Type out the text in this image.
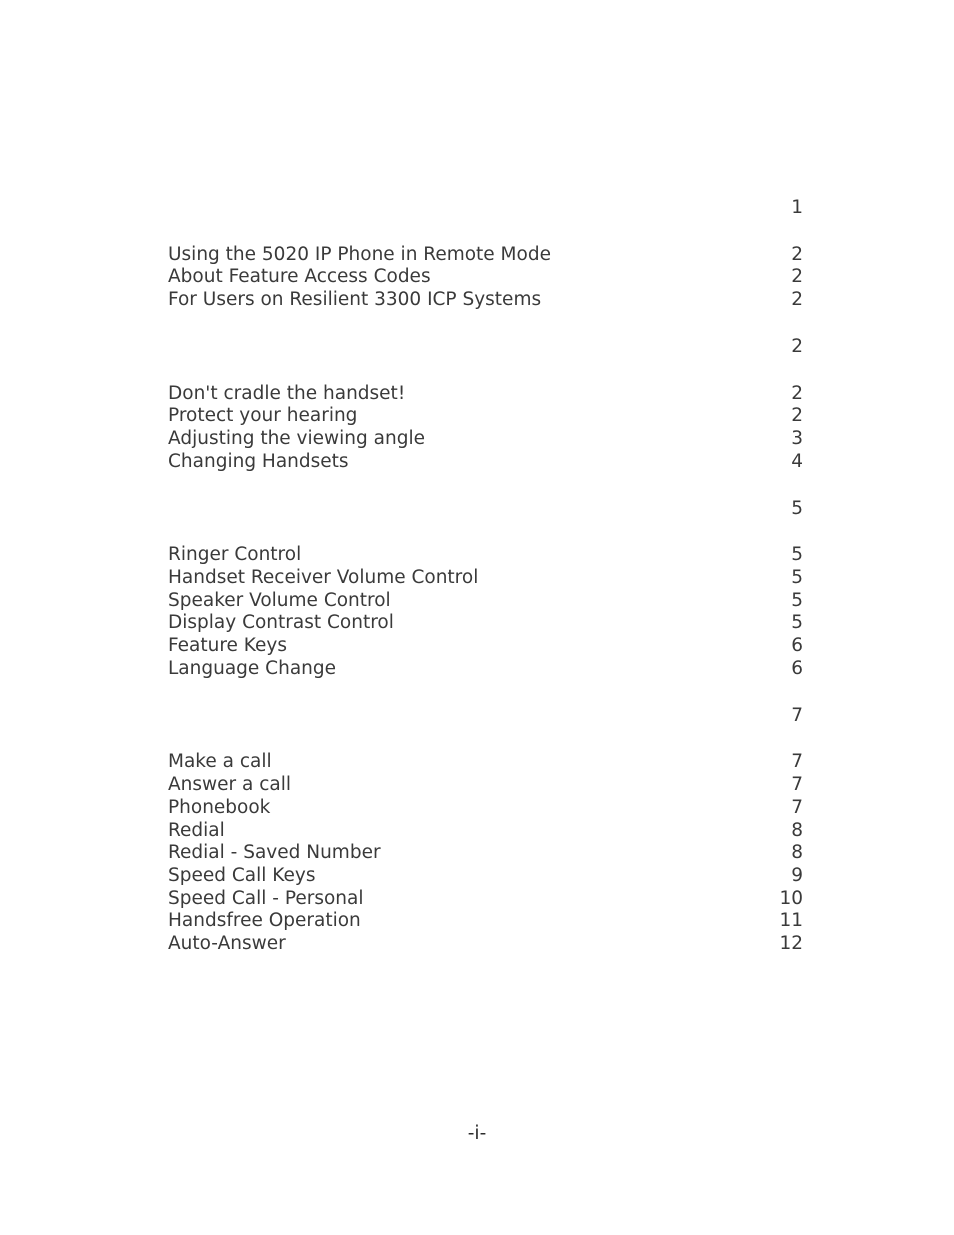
1
Using the 5020 IP Phone in Remote Mode	2
About Feature Access Codes	2
For Users on Resilient 3300 ICP Systems	2
2
Don't cradle the handset!	2
Protect your hearing	2
Adjusting the viewing angle	3
Changing Handsets	4
5
Ringer Control	5
Handset Receiver Volume Control	5
Speaker Volume Control	5
Display Contrast Control	5
Feature Keys	6
Language Change	6
7
Make a call	7
Answer a call	7
Phonebook	7
Redial	8
Redial - Saved Number	8
Speed Call Keys	9
Speed Call - Personal	10
Handsfree Operation	11
Auto-Answer	12
-i-
